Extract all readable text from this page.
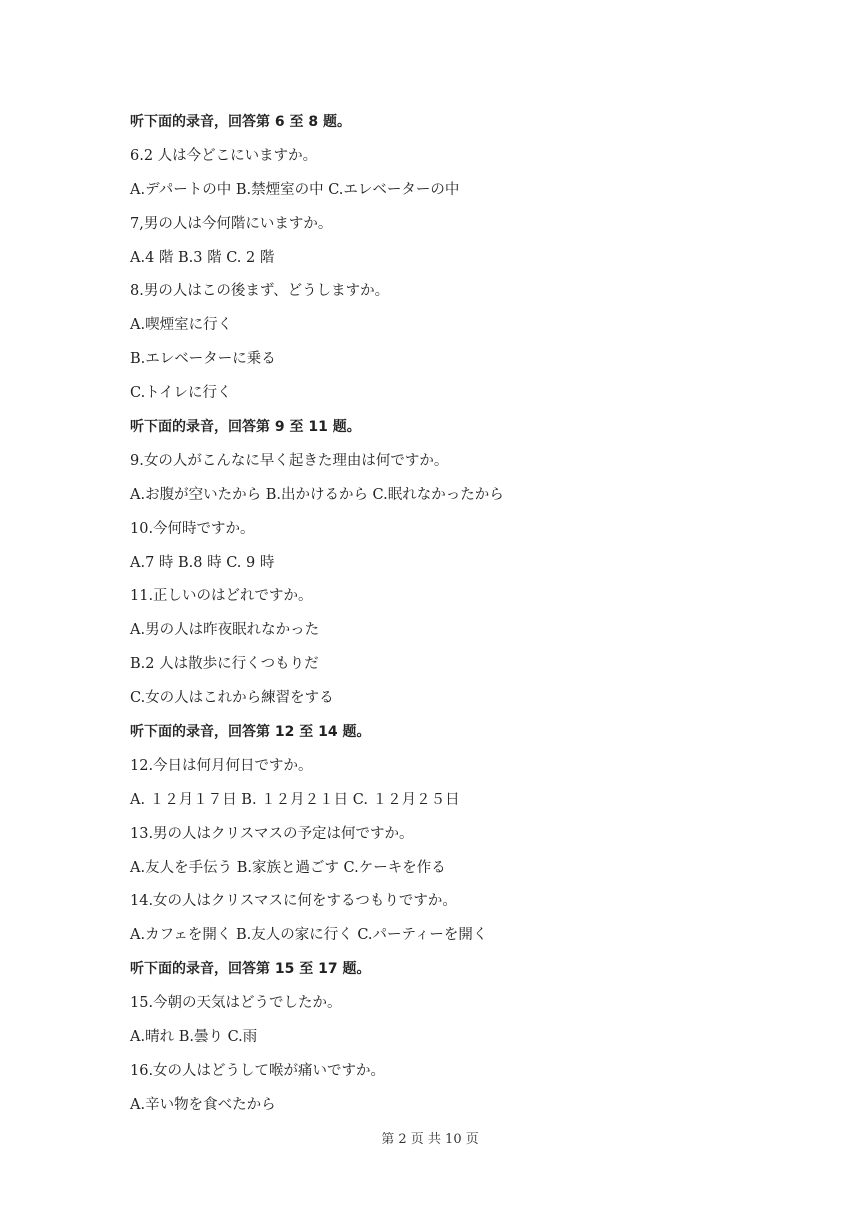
听下面的录音，回答第 6 至 8 题。
6.2 人は今どこにいますか。
A.デパートの中 B.禁煙室の中 C.エレベーターの中
7,男の人は今何階にいますか。
A.4 階 B.3 階 C. 2 階
8.男の人はこの後まず、どうしますか。
A.喫煙室に行く
B.エレベーターに乗る
C.トイレに行く
听下面的录音，回答第 9 至 11 题。
9.女の人がこんなに早く起きた理由は何ですか。
A.お腹が空いたから B.出かけるから C.眠れなかったから
10.今何時ですか。
A.7 時 B.8 時 C. 9 時
11.正しいのはどれですか。
A.男の人は昨夜眠れなかった
B.2 人は散歩に行くつもりだ
C.女の人はこれから練習をする
听下面的录音，回答第 12 至 14 题。
12.今日は何月何日ですか。
A. １２月１７日 B. １２月２１日 C. １２月２５日
13.男の人はクリスマスの予定は何ですか。
A.友人を手伝う B.家族と過ごす C.ケーキを作る
14.女の人はクリスマスに何をするつもりですか。
A.カフェを開く B.友人の家に行く C.パーティーを開く
听下面的录音，回答第 15 至 17 题。
15.今朝の天気はどうでしたか。
A.晴れ B.曇り C.雨
16.女の人はどうして喉が痛いですか。
A.辛い物を食べたから
第 2 页 共 10 页
